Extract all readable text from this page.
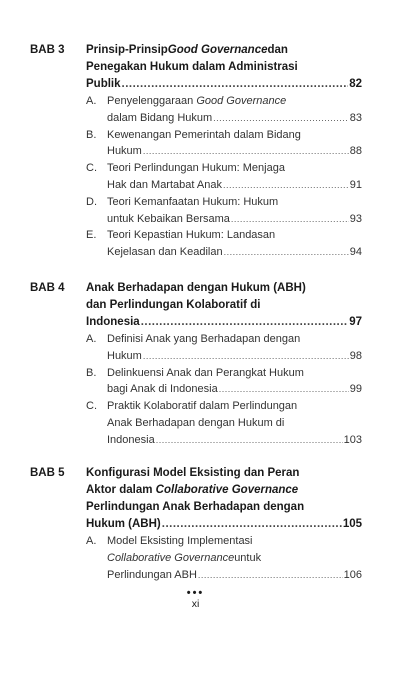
BAB 3 Prinsip-Prinsip Good Governance dan
Penegakan Hukum dalam Administrasi
Publik .....	82
A. Penyelenggaraan
Good Governance
dalam Bidang Hukum .....	83
B. Kewenangan Pemerintah dalam Bidang
Hukum .....	88
C. Teori Perlindungan Hukum: Menjaga
Hak dan Martabat Anak .....	91
D. Teori Kemanfaatan Hukum: Hukum
untuk Kebaikan Bersama .....	93
E. Teori Kepastian Hukum: Landasan
Kejelasan dan Keadilan .....	94
BAB 4 Anak Berhadapan dengan Hukum (ABH)
dan Perlindungan Kolaboratif di
Indonesia .....	97
A. Definisi Anak yang Berhadapan dengan
Hukum .....	98
B. Delinkuensi Anak dan Perangkat Hukum
bagi Anak di Indonesia .....	99
C. Praktik Kolaboratif dalam Perlindungan
Anak Berhadapan dengan Hukum di
Indonesia .....	103
BAB 5 Konfigurasi Model Eksisting dan Peran
Aktor dalam
Collaborative Governance
Perlindungan Anak Berhadapan dengan
Hukum (ABH) .....	105
A. Model Eksisting Implementasi
Collaborative Governance untuk
Perlindungan ABH .....	106
•••
xi
